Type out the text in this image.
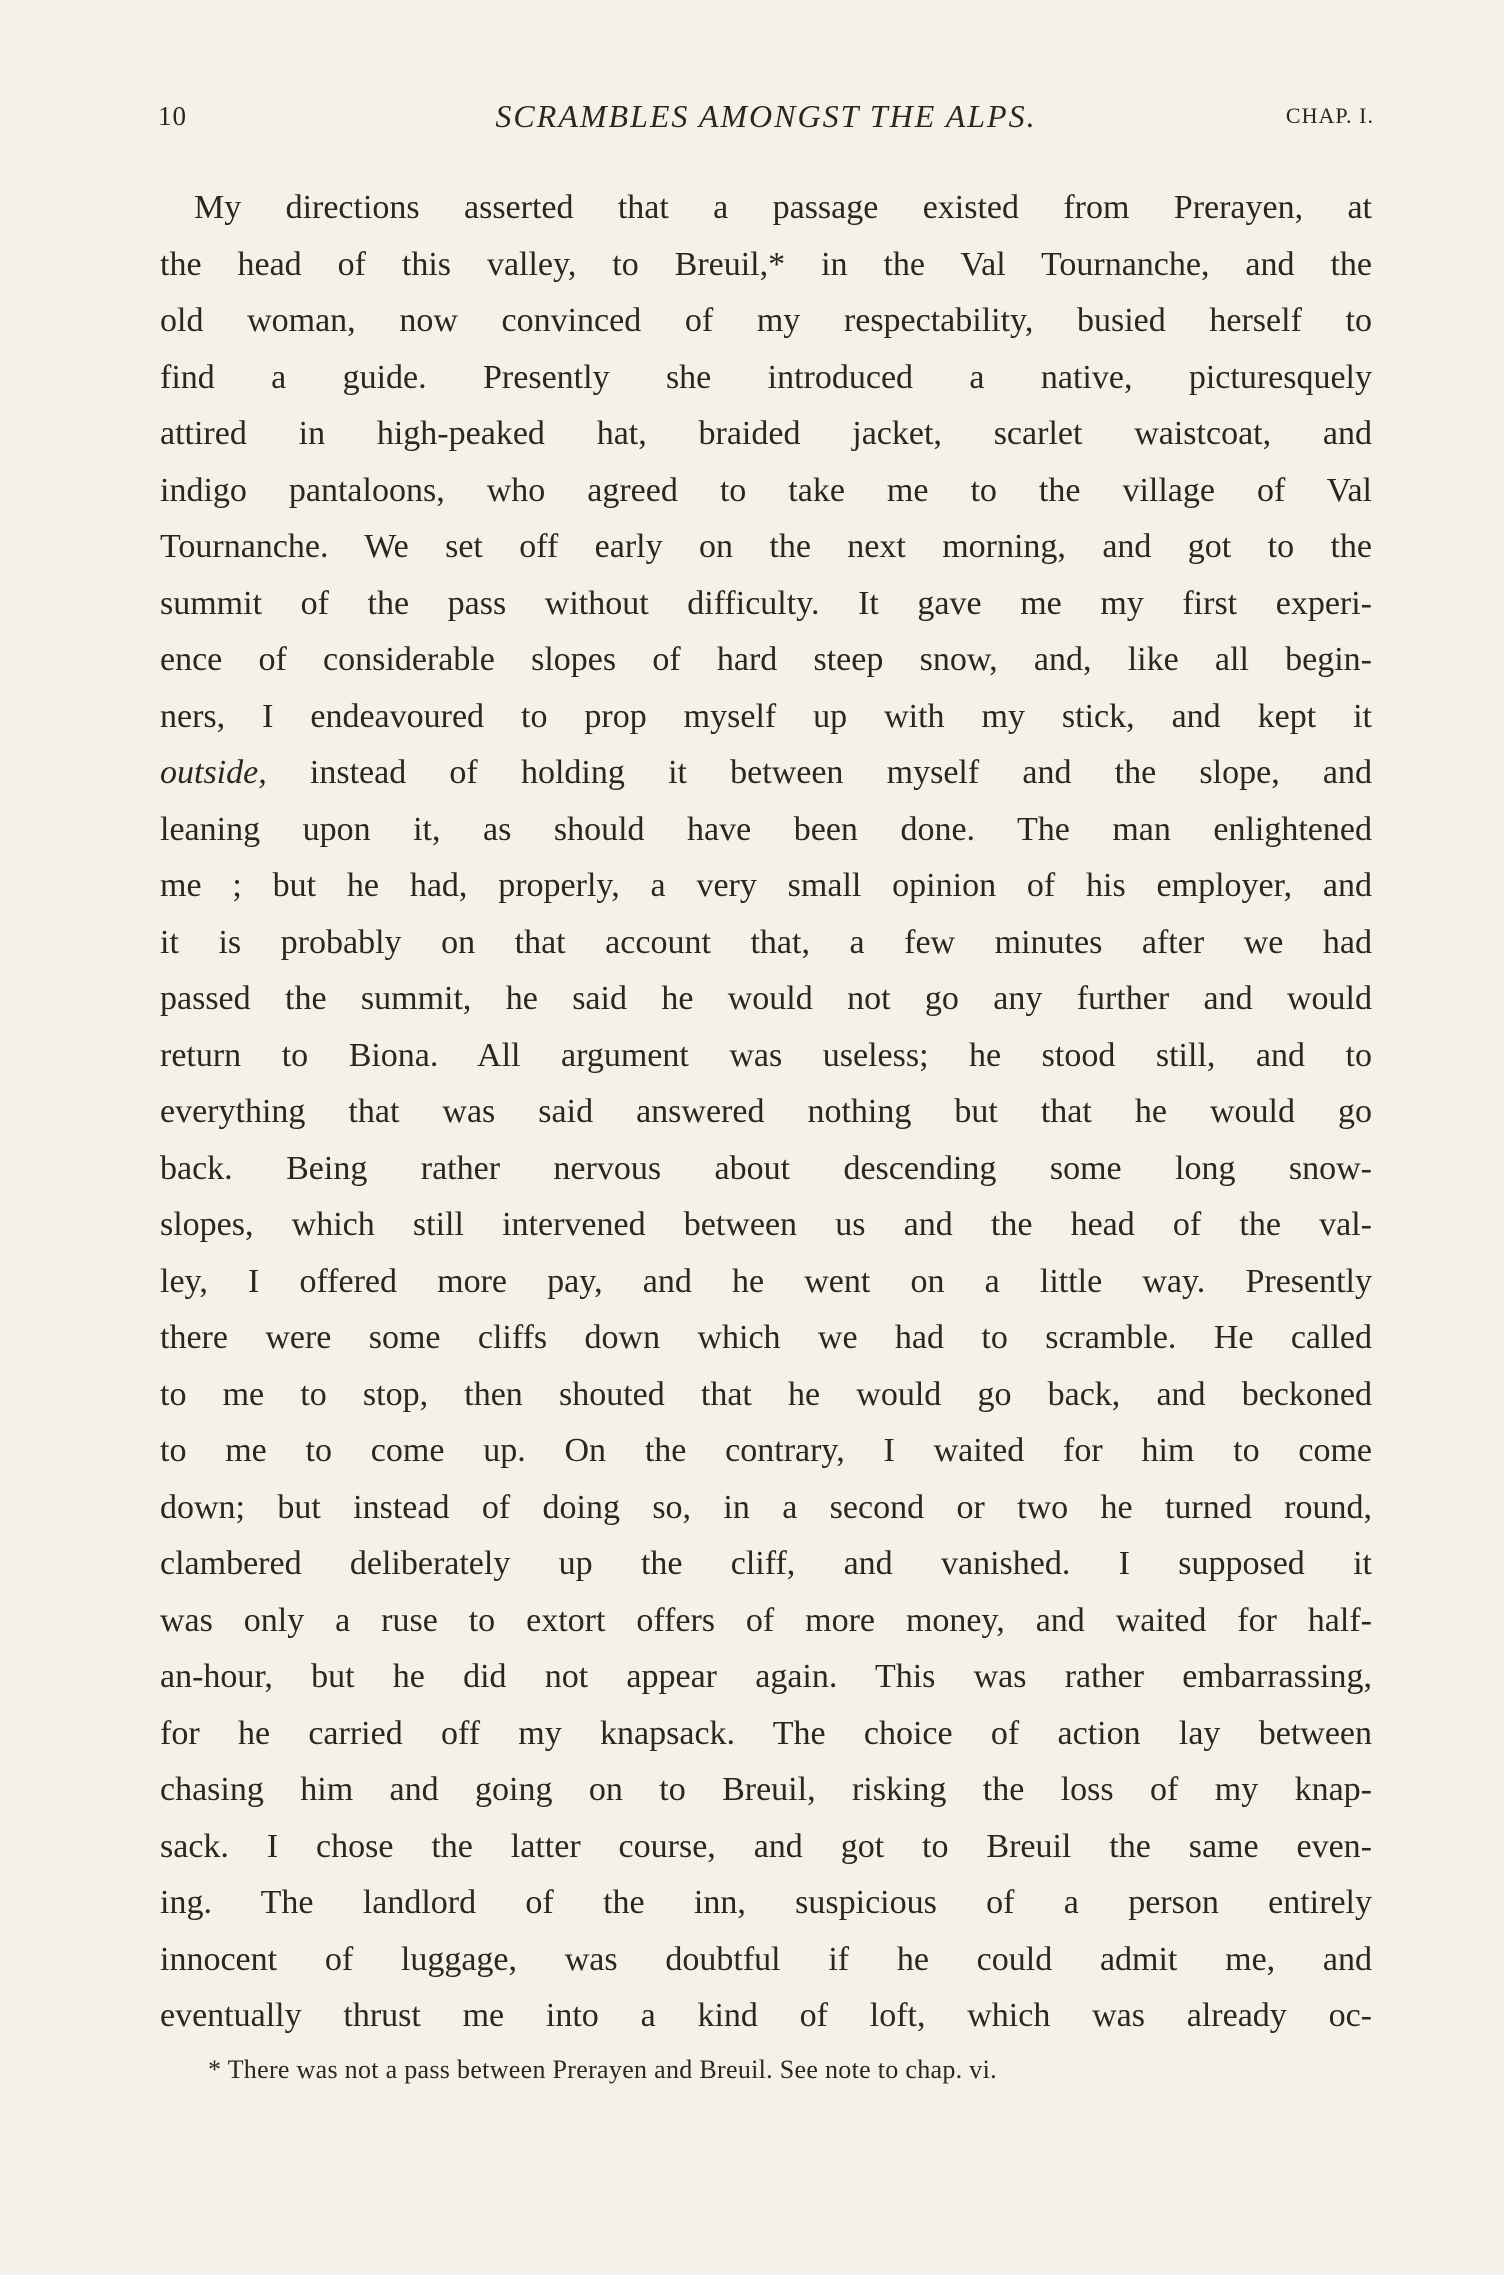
10	SCRAMBLES AMONGST THE ALPS.	CHAP. I.
My directions asserted that a passage existed from Prerayen, at
the head of this valley, to Breuil,* in the Val Tournanche, and the
old woman, now convinced of my respectability, busied herself to
find a guide. Presently she introduced a native, picturesquely
attired in high-peaked hat, braided jacket, scarlet waistcoat, and
indigo pantaloons, who agreed to take me to the village of Val
Tournanche. We set off early on the next morning, and got to the
summit of the pass without difficulty. It gave me my first experi-
ence of considerable slopes of hard steep snow, and, like all begin-
ners, I endeavoured to prop myself up with my stick, and kept it
outside, instead of holding it between myself and the slope, and
leaning upon it, as should have been done. The man enlightened
me ; but he had, properly, a very small opinion of his employer, and
it is probably on that account that, a few minutes after we had
passed the summit, he said he would not go any further and would
return to Biona. All argument was useless; he stood still, and to
everything that was said answered nothing but that he would go
back. Being rather nervous about descending some long snow-
slopes, which still intervened between us and the head of the val-
ley, I offered more pay, and he went on a little way. Presently
there were some cliffs down which we had to scramble. He called
to me to stop, then shouted that he would go back, and beckoned
to me to come up. On the contrary, I waited for him to come
down; but instead of doing so, in a second or two he turned round,
clambered deliberately up the cliff, and vanished. I supposed it
was only a ruse to extort offers of more money, and waited for half-
an-hour, but he did not appear again. This was rather embarrassing,
for he carried off my knapsack. The choice of action lay between
chasing him and going on to Breuil, risking the loss of my knap-
sack. I chose the latter course, and got to Breuil the same even-
ing. The landlord of the inn, suspicious of a person entirely
innocent of luggage, was doubtful if he could admit me, and
eventually thrust me into a kind of loft, which was already oc-
* There was not a pass between Prerayen and Breuil. See note to chap. vi.
